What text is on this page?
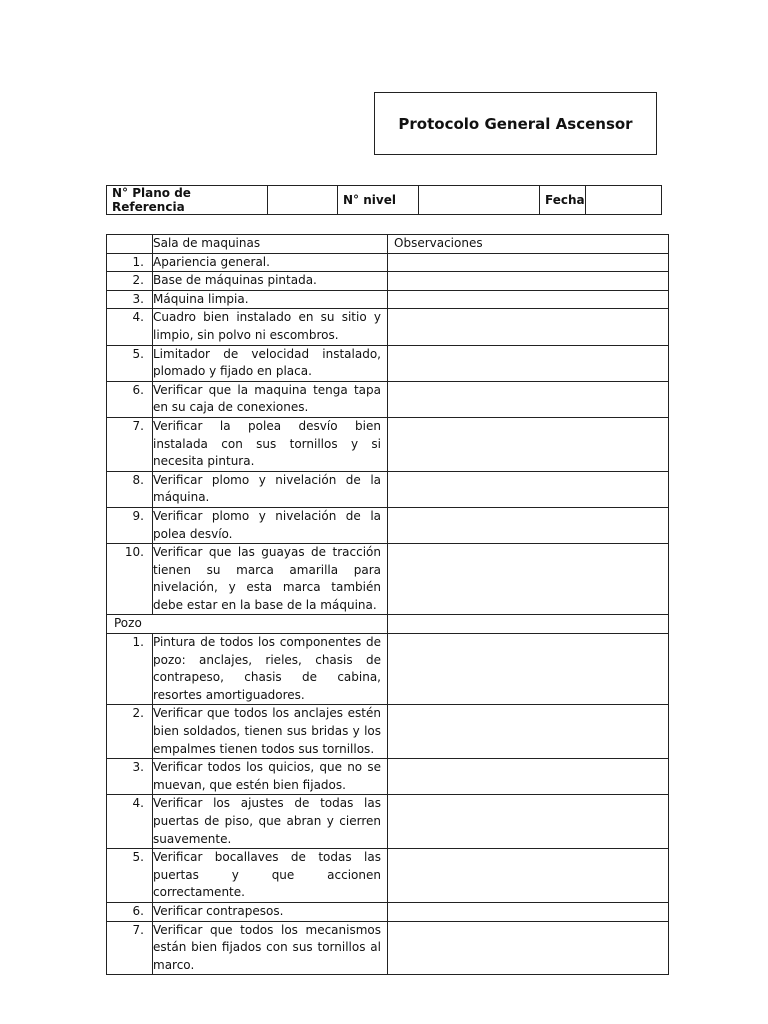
Protocolo General Ascensor
N° Plano de Referencia		N° nivel		Fecha	
	Sala de maquinas	Observaciones
1.	Apariencia general.	
2.	Base de máquinas pintada.	
3.	Máquina limpia.	
4.	Cuadro bien instalado en su sitio y limpio, sin polvo ni escombros.	
5.	Limitador de velocidad instalado, plomado y fijado en placa.	
6.	Verificar que la maquina tenga tapa en su caja de conexiones.	
7.	Verificar la polea desvío bien instalada con sus tornillos y si necesita pintura.	
8.	Verificar plomo y nivelación de la máquina.	
9.	Verificar plomo y nivelación de la polea desvío.	
10.	Verificar que las guayas de tracción tienen su marca amarilla para nivelación, y esta marca también debe estar en la base de la máquina.	
Pozo		
1.	Pintura de todos los componentes de pozo: anclajes, rieles, chasis de contrapeso, chasis de cabina, resortes amortiguadores.	
2.	Verificar que todos los anclajes estén bien soldados, tienen sus bridas y los empalmes tienen todos sus tornillos.	
3.	Verificar todos los quicios, que no se muevan, que estén bien fijados.	
4.	Verificar los ajustes de todas las puertas de piso, que abran y cierren suavemente.	
5.	Verificar bocallaves de todas las puertas y que accionen correctamente.	
6.	Verificar contrapesos.	
7.	Verificar que todos los mecanismos están bien fijados con sus tornillos al marco.	
